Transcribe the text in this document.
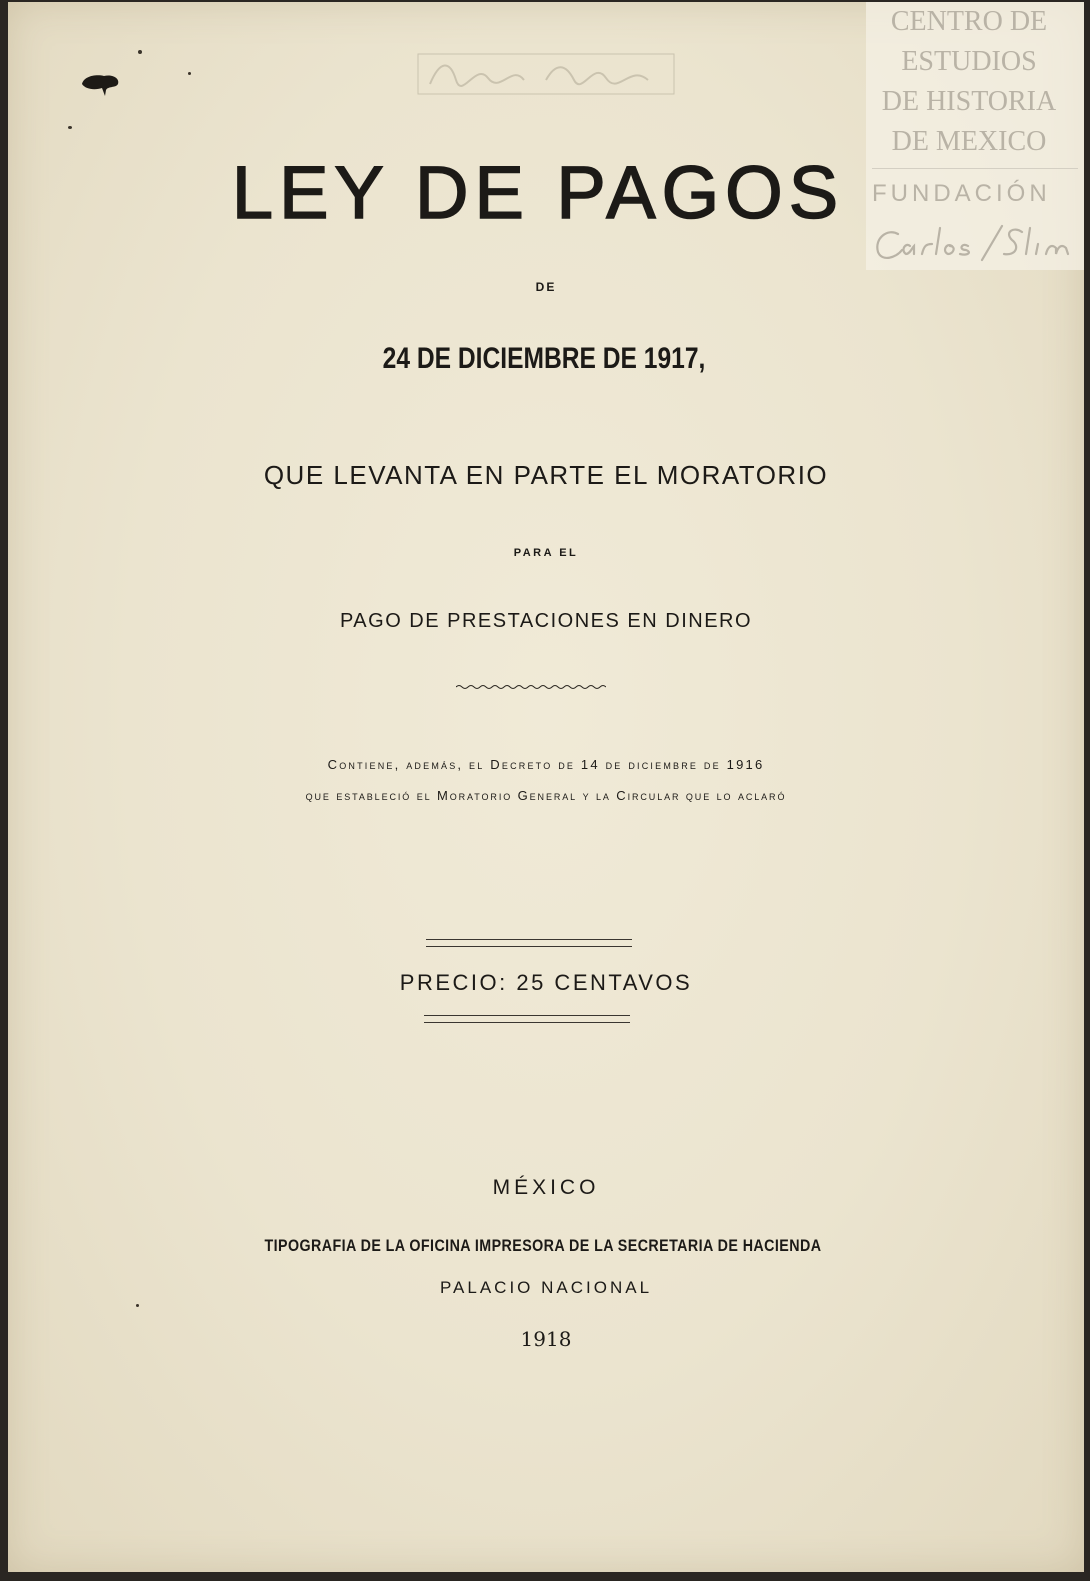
LEY DE PAGOS
DE
24 DE DICIEMBRE DE 1917,
QUE LEVANTA EN PARTE EL MORATORIO
PARA EL
PAGO DE PRESTACIONES EN DINERO
Contiene, además, el Decreto de 14 de diciembre de 1916
que estableció el Moratorio General y la Circular que lo aclaró
PRECIO: 25 CENTAVOS
MÉXICO
TIPOGRAFIA DE LA OFICINA IMPRESORA DE LA SECRETARIA DE HACIENDA
PALACIO NACIONAL
1918
CENTRO DE
ESTUDIOS
DE HISTORIA
DE MEXICO
FUNDACIÓN
